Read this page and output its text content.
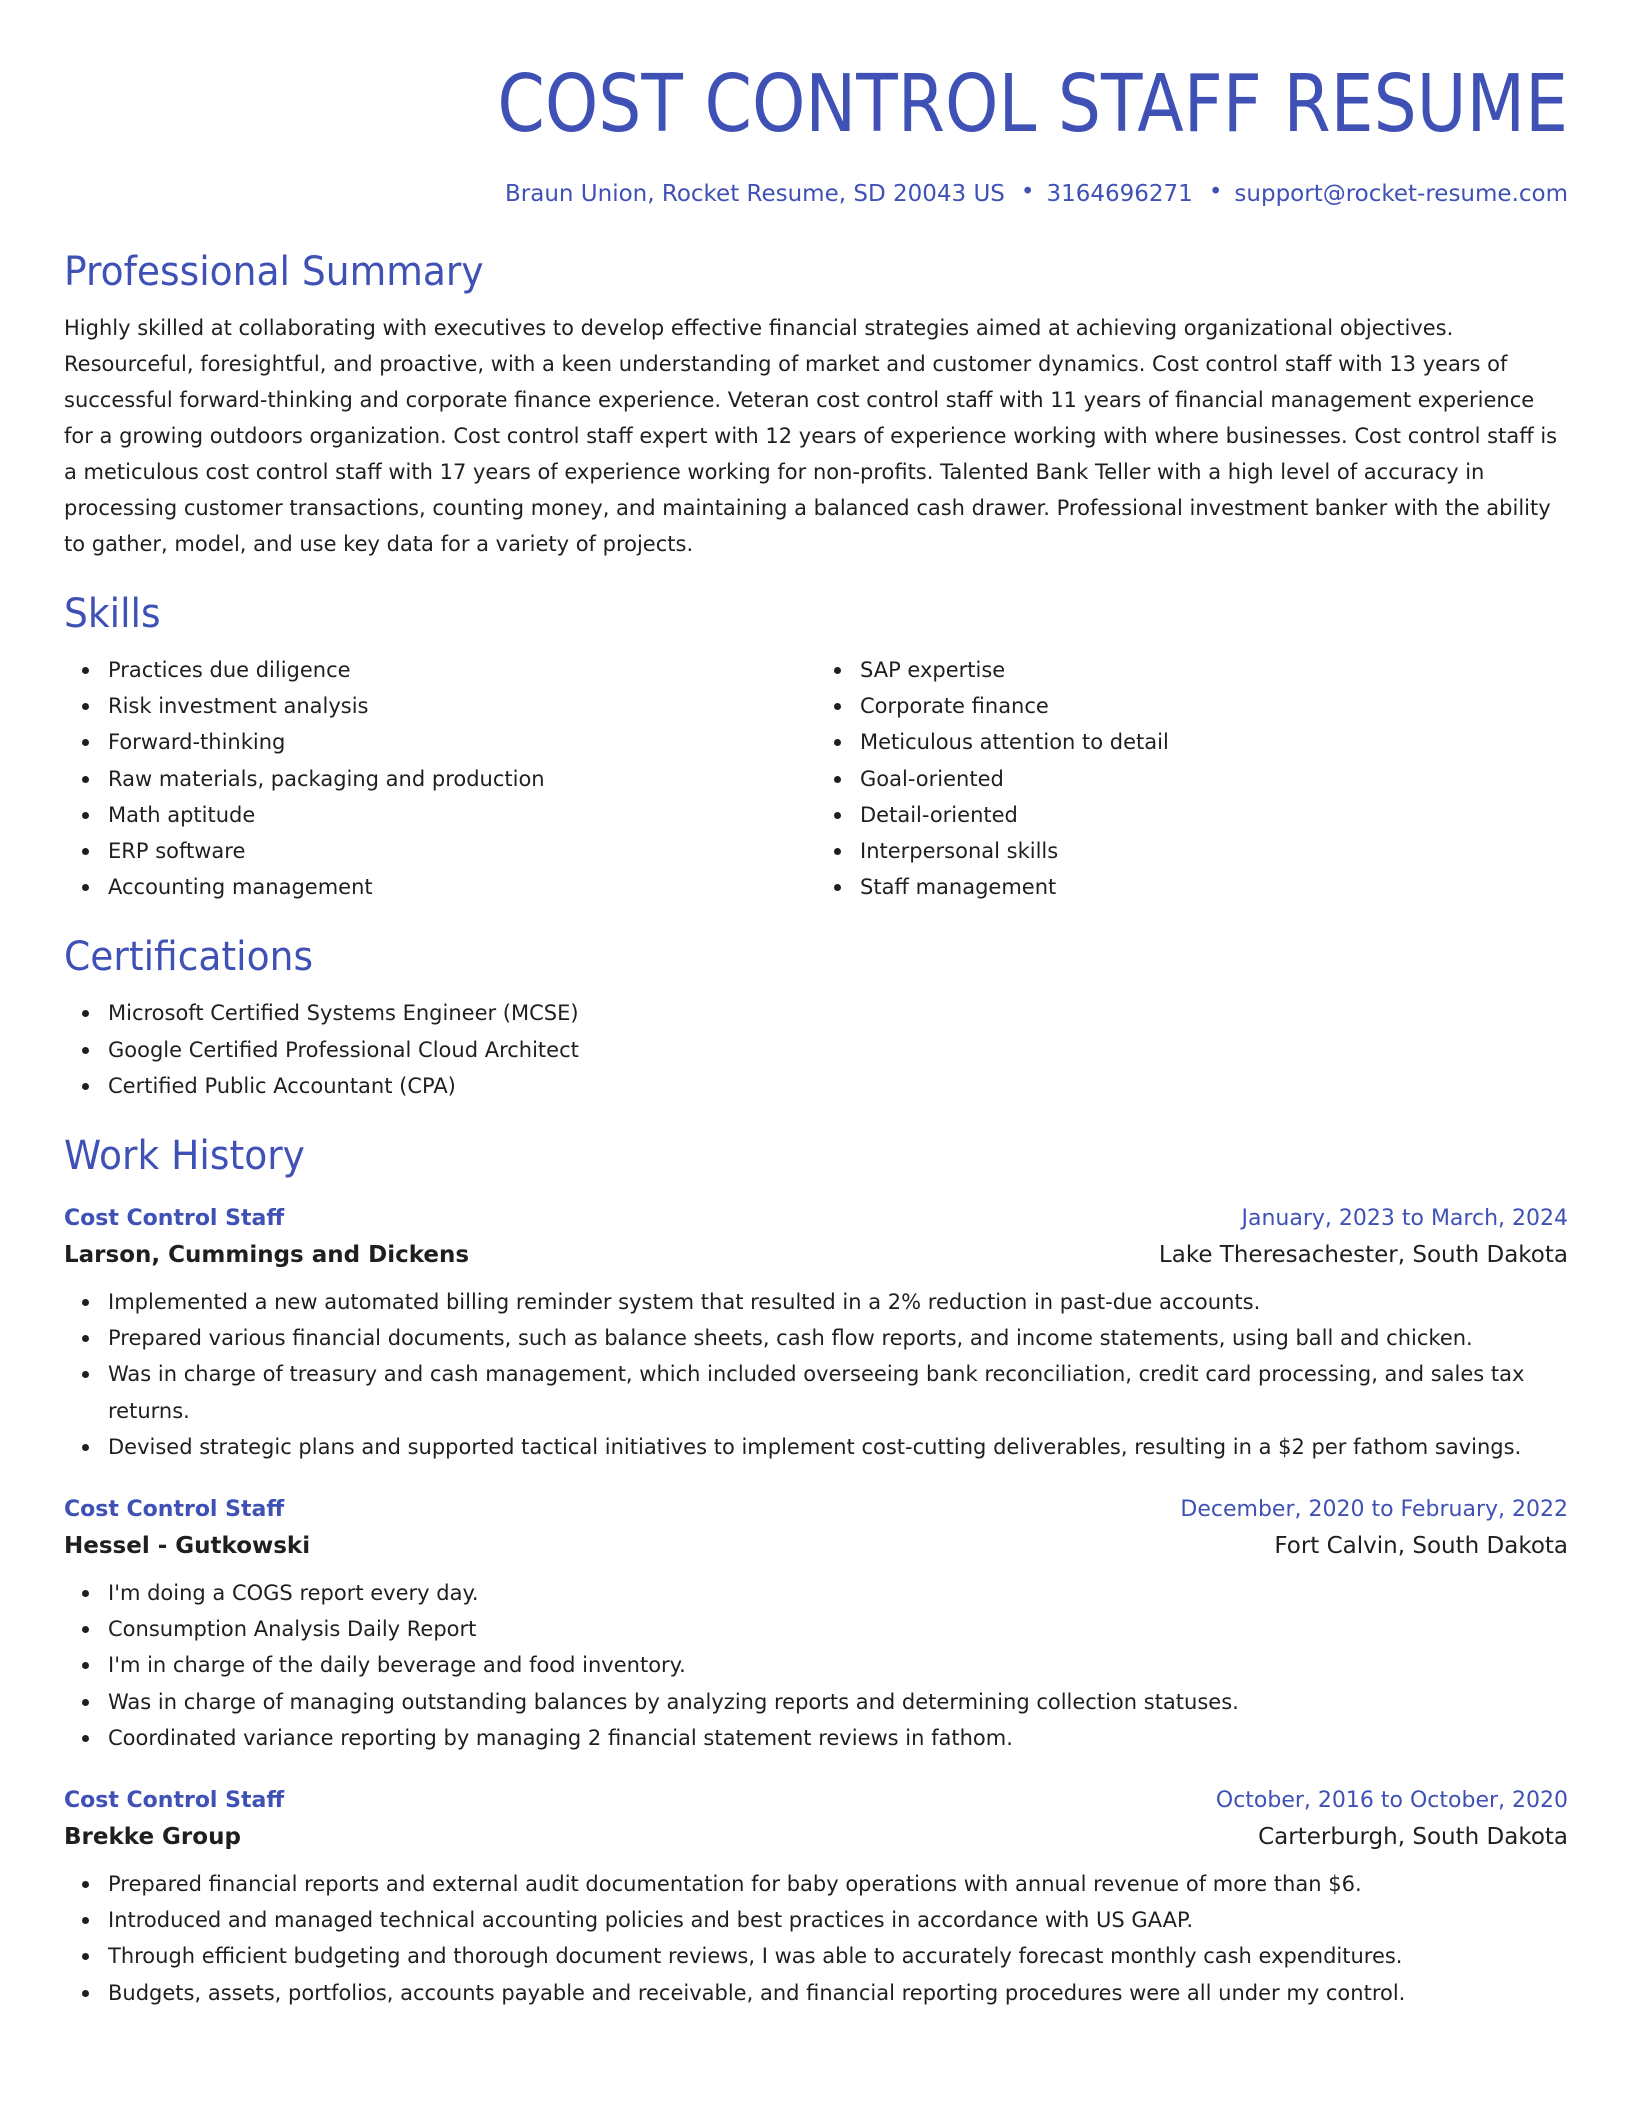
COST CONTROL STAFF RESUME
Braun Union, Rocket Resume, SD 20043 US • 3164696271 • support@rocket-resume.com
Professional Summary
Highly skilled at collaborating with executives to develop effective financial strategies aimed at achieving organizational objectives. Resourceful, foresightful, and proactive, with a keen understanding of market and customer dynamics. Cost control staff with 13 years of successful forward-thinking and corporate finance experience. Veteran cost control staff with 11 years of financial management experience for a growing outdoors organization. Cost control staff expert with 12 years of experience working with where businesses. Cost control staff is a meticulous cost control staff with 17 years of experience working for non-profits. Talented Bank Teller with a high level of accuracy in processing customer transactions, counting money, and maintaining a balanced cash drawer. Professional investment banker with the ability to gather, model, and use key data for a variety of projects.
Skills
Practices due diligence
Risk investment analysis
Forward-thinking
Raw materials, packaging and production
Math aptitude
ERP software
Accounting management
SAP expertise
Corporate finance
Meticulous attention to detail
Goal-oriented
Detail-oriented
Interpersonal skills
Staff management
Certifications
Microsoft Certified Systems Engineer (MCSE)
Google Certified Professional Cloud Architect
Certified Public Accountant (CPA)
Work History
Cost Control Staff	January, 2023 to March, 2024
Larson, Cummings and Dickens	Lake Theresachester, South Dakota
Implemented a new automated billing reminder system that resulted in a 2% reduction in past-due accounts.
Prepared various financial documents, such as balance sheets, cash flow reports, and income statements, using ball and chicken.
Was in charge of treasury and cash management, which included overseeing bank reconciliation, credit card processing, and sales tax returns.
Devised strategic plans and supported tactical initiatives to implement cost-cutting deliverables, resulting in a $2 per fathom savings.
Cost Control Staff	December, 2020 to February, 2022
Hessel - Gutkowski	Fort Calvin, South Dakota
I'm doing a COGS report every day.
Consumption Analysis Daily Report
I'm in charge of the daily beverage and food inventory.
Was in charge of managing outstanding balances by analyzing reports and determining collection statuses.
Coordinated variance reporting by managing 2 financial statement reviews in fathom.
Cost Control Staff	October, 2016 to October, 2020
Brekke Group	Carterburgh, South Dakota
Prepared financial reports and external audit documentation for baby operations with annual revenue of more than $6.
Introduced and managed technical accounting policies and best practices in accordance with US GAAP.
Through efficient budgeting and thorough document reviews, I was able to accurately forecast monthly cash expenditures.
Budgets, assets, portfolios, accounts payable and receivable, and financial reporting procedures were all under my control.
